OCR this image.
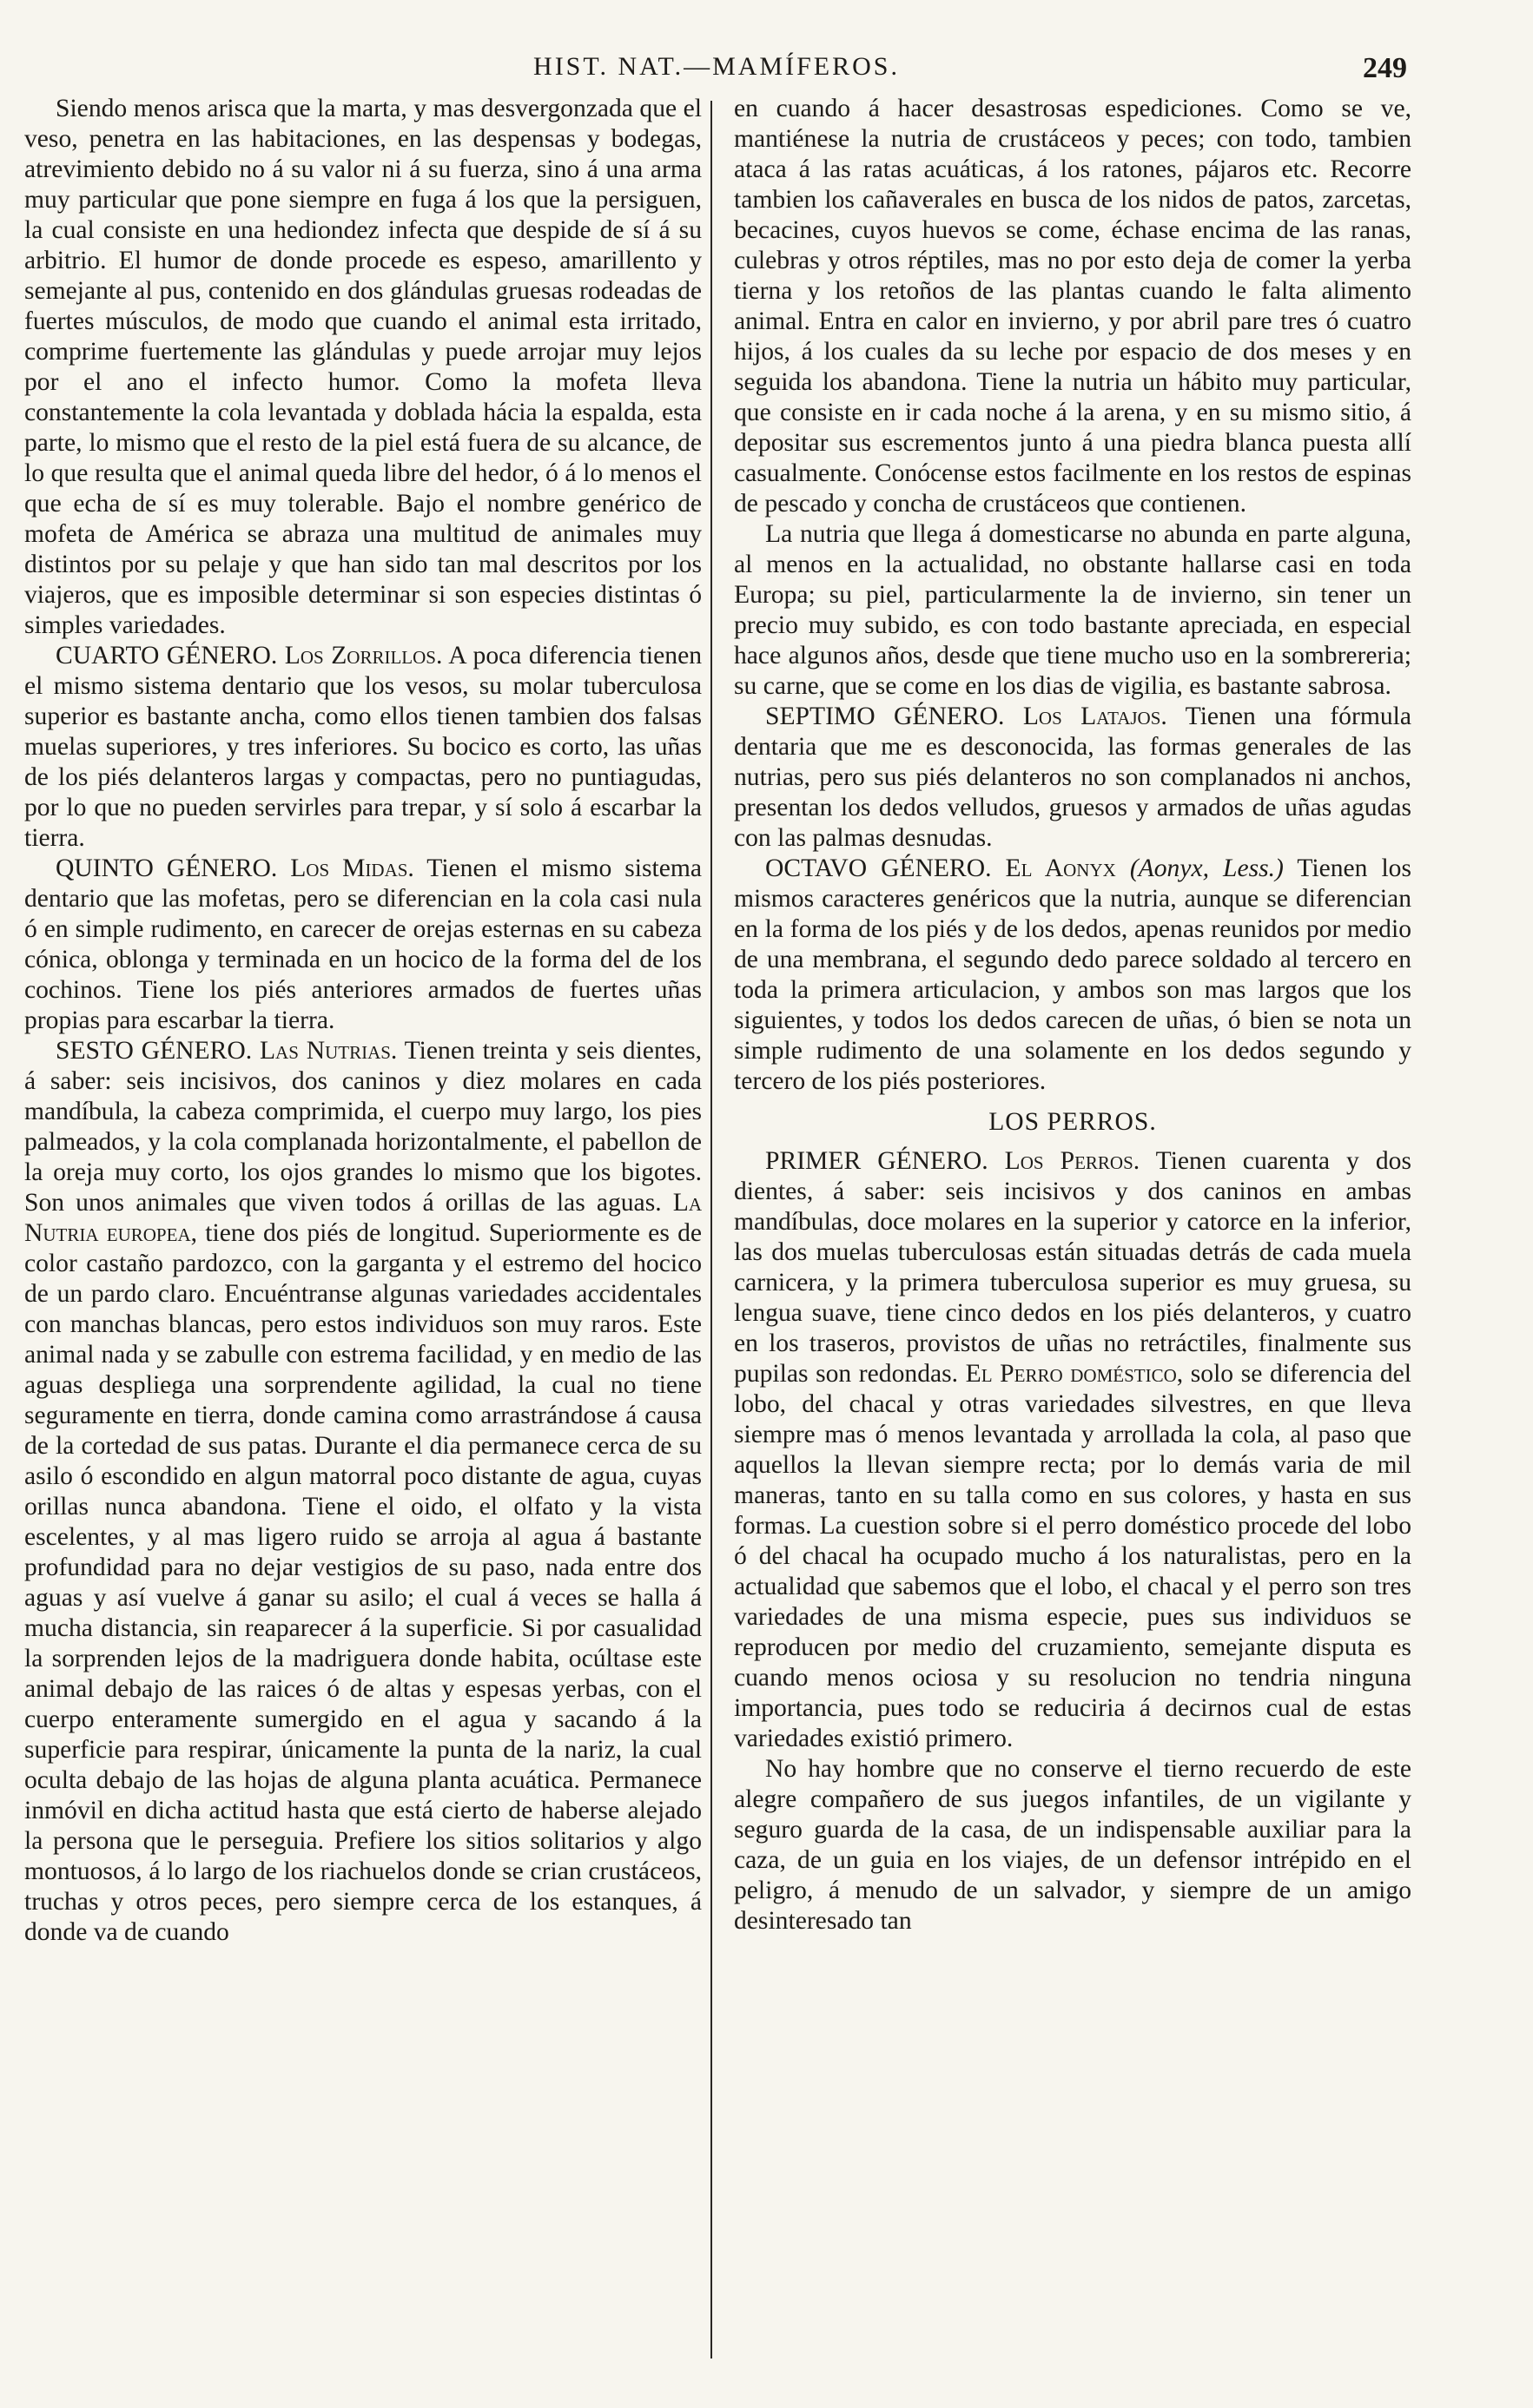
HIST. NAT.—MAMÍFEROS.	249

Siendo menos arisca que la marta, y mas desvergonzada que el veso, penetra en las habitaciones, en las despensas y bodegas, atrevimiento debido no á su valor ni á su fuerza, sino á una arma muy particular que pone siempre en fuga á los que la persiguen, la cual consiste en una hediondez infecta que despide de sí á su arbitrio. El humor de donde procede es espeso, amarillento y semejante al pus, contenido en dos glándulas gruesas rodeadas de fuertes músculos, de modo que cuando el animal esta irritado, comprime fuertemente las glándulas y puede arrojar muy lejos por el ano el infecto humor. Como la mofeta lleva constantemente la cola levantada y doblada hácia la espalda, esta parte, lo mismo que el resto de la piel está fuera de su alcance, de lo que resulta que el animal queda libre del hedor, ó á lo menos el que echa de sí es muy tolerable. Bajo el nombre genérico de mofeta de América se abraza una multitud de animales muy distintos por su pelaje y que han sido tan mal descritos por los viajeros, que es imposible determinar si son especies distintas ó simples variedades.

CUARTO GÉNERO. Los Zorrillos. A poca diferencia tienen el mismo sistema dentario que los vesos, su molar tuberculosa superior es bastante ancha, como ellos tienen tambien dos falsas muelas superiores, y tres inferiores. Su bocico es corto, las uñas de los piés delanteros largas y compactas, pero no puntiagudas, por lo que no pueden servirles para trepar, y sí solo á escarbar la tierra.

QUINTO GÉNERO. Los Midas. Tienen el mismo sistema dentario que las mofetas, pero se diferencian en la cola casi nula ó en simple rudimento, en carecer de orejas esternas en su cabeza cónica, oblonga y terminada en un hocico de la forma del de los cochinos. Tiene los piés anteriores armados de fuertes uñas propias para escarbar la tierra.

SESTO GÉNERO. Las Nutrias. Tienen treinta y seis dientes, á saber: seis incisivos, dos caninos y diez molares en cada mandíbula, la cabeza comprimida, el cuerpo muy largo, los pies palmeados, y la cola complanada horizontalmente, el pabellon de la oreja muy corto, los ojos grandes lo mismo que los bigotes. Son unos animales que viven todos á orillas de las aguas. La Nutria europea, tiene dos piés de longitud. Superiormente es de color castaño pardozco, con la garganta y el estremo del hocico de un pardo claro. Encuéntranse algunas variedades accidentales con manchas blancas, pero estos individuos son muy raros. Este animal nada y se zabulle con estrema facilidad, y en medio de las aguas despliega una sorprendente agilidad, la cual no tiene seguramente en tierra, donde camina como arrastrándose á causa de la cortedad de sus patas. Durante el dia permanece cerca de su asilo ó escondido en algun matorral poco distante de agua, cuyas orillas nunca abandona. Tiene el oido, el olfato y la vista escelentes, y al mas ligero ruido se arroja al agua á bastante profundidad para no dejar vestigios de su paso, nada entre dos aguas y así vuelve á ganar su asilo; el cual á veces se halla á mucha distancia, sin reaparecer á la superficie. Si por casualidad la sorprenden lejos de la madriguera donde habita, ocúltase este animal debajo de las raices ó de altas y espesas yerbas, con el cuerpo enteramente sumergido en el agua y sacando á la superficie para respirar, únicamente la punta de la nariz, la cual oculta debajo de las hojas de alguna planta acuática. Permanece inmóvil en dicha actitud hasta que está cierto de haberse alejado la persona que le perseguia. Prefiere los sitios solitarios y algo montuosos, á lo largo de los riachuelos donde se crian crustáceos, truchas y otros peces, pero siempre cerca de los estanques, á donde va de cuando

en cuando á hacer desastrosas espediciones. Como se ve, mantiénese la nutria de crustáceos y peces; con todo, tambien ataca á las ratas acuáticas, á los ratones, pájaros etc. Recorre tambien los cañaverales en busca de los nidos de patos, zarcetas, becacines, cuyos huevos se come, échase encima de las ranas, culebras y otros réptiles, mas no por esto deja de comer la yerba tierna y los retoños de las plantas cuando le falta alimento animal. Entra en calor en invierno, y por abril pare tres ó cuatro hijos, á los cuales da su leche por espacio de dos meses y en seguida los abandona. Tiene la nutria un hábito muy particular, que consiste en ir cada noche á la arena, y en su mismo sitio, á depositar sus escrementos junto á una piedra blanca puesta allí casualmente. Conócense estos facilmente en los restos de espinas de pescado y concha de crustáceos que contienen.

La nutria que llega á domesticarse no abunda en parte alguna, al menos en la actualidad, no obstante hallarse casi en toda Europa; su piel, particularmente la de invierno, sin tener un precio muy subido, es con todo bastante apreciada, en especial hace algunos años, desde que tiene mucho uso en la sombrereria; su carne, que se come en los dias de vigilia, es bastante sabrosa.

SEPTIMO GÉNERO. Los Latajos. Tienen una fórmula dentaria que me es desconocida, las formas generales de las nutrias, pero sus piés delanteros no son complanados ni anchos, presentan los dedos velludos, gruesos y armados de uñas agudas con las palmas desnudas.

OCTAVO GÉNERO. El Aonyx (Aonyx, Less.) Tienen los mismos caracteres genéricos que la nutria, aunque se diferencian en la forma de los piés y de los dedos, apenas reunidos por medio de una membrana, el segundo dedo parece soldado al tercero en toda la primera articulacion, y ambos son mas largos que los siguientes, y todos los dedos carecen de uñas, ó bien se nota un simple rudimento de una solamente en los dedos segundo y tercero de los piés posteriores.

LOS PERROS.

PRIMER GÉNERO. Los Perros. Tienen cuarenta y dos dientes, á saber: seis incisivos y dos caninos en ambas mandíbulas, doce molares en la superior y catorce en la inferior, las dos muelas tuberculosas están situadas detrás de cada muela carnicera, y la primera tuberculosa superior es muy gruesa, su lengua suave, tiene cinco dedos en los piés delanteros, y cuatro en los traseros, provistos de uñas no retráctiles, finalmente sus pupilas son redondas. El Perro doméstico, solo se diferencia del lobo, del chacal y otras variedades silvestres, en que lleva siempre mas ó menos levantada y arrollada la cola, al paso que aquellos la llevan siempre recta; por lo demás varia de mil maneras, tanto en su talla como en sus colores, y hasta en sus formas. La cuestion sobre si el perro doméstico procede del lobo ó del chacal ha ocupado mucho á los naturalistas, pero en la actualidad que sabemos que el lobo, el chacal y el perro son tres variedades de una misma especie, pues sus individuos se reproducen por medio del cruzamiento, semejante disputa es cuando menos ociosa y su resolucion no tendria ninguna importancia, pues todo se reduciria á decirnos cual de estas variedades existió primero.

No hay hombre que no conserve el tierno recuerdo de este alegre compañero de sus juegos infantiles, de un vigilante y seguro guarda de la casa, de un indispensable auxiliar para la caza, de un guia en los viajes, de un defensor intrépido en el peligro, á menudo de un salvador, y siempre de un amigo desinteresado tan
